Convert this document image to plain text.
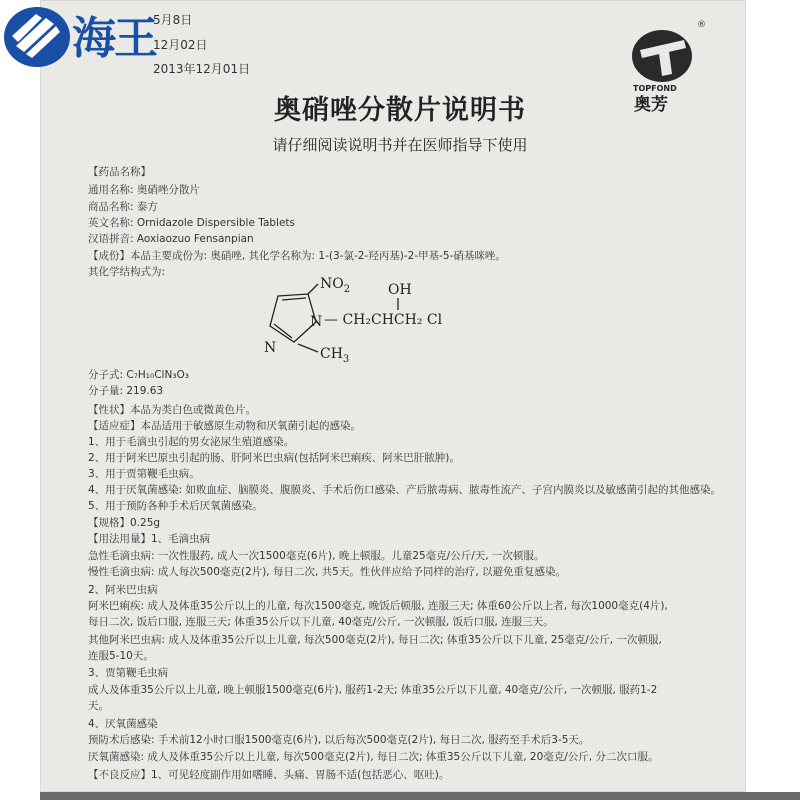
海王
5月8日
12月02日
2013年12月01日
®
TOPFOND
奥芳
奥硝唑分散片说明书
请仔细阅读说明书并在医师指导下使用
【药品名称】
通用名称: 奥硝唑分散片
商品名称: 泰方
英文名称: Ornidazole Dispersible Tablets
汉语拼音: Aoxiaozuo Fensanpian
【成份】本品主要成份为: 奥硝唑, 其化学名称为: 1-(3-氯-2-羟丙基)-2-甲基-5-硝基咪唑。
其化学结构式为:
分子式: C₇H₁₀ClN₃O₃
分子量: 219.63
【性状】本品为类白色或微黄色片。
【适应症】本品适用于敏感原生动物和厌氧菌引起的感染。
1、用于毛滴虫引起的男女泌尿生殖道感染。
2、用于阿米巴原虫引起的肠、肝阿米巴虫病(包括阿米巴痢疾、阿米巴肝脓肿)。
3、用于贾第鞭毛虫病。
4、用于厌氧菌感染: 如败血症、脑膜炎、腹膜炎、手术后伤口感染、产后脓毒病、脓毒性流产、子宫内膜炎以及敏感菌引起的其他感染。
5、用于预防各种手术后厌氧菌感染。
【规格】0.25g
【用法用量】1、毛滴虫病
急性毛滴虫病: 一次性服药, 成人一次1500毫克(6片), 晚上顿服。儿童25毫克/公斤/天, 一次顿服。
慢性毛滴虫病: 成人每次500毫克(2片), 每日二次, 共5天。性伙伴应给予同样的治疗, 以避免重复感染。
2、阿米巴虫病
阿米巴痢疾: 成人及体重35公斤以上的儿童, 每次1500毫克, 晚饭后顿服, 连服三天; 体重60公斤以上者, 每次1000毫克(4片),
每日二次, 饭后口服, 连服三天; 体重35公斤以下儿童, 40毫克/公斤, 一次顿服, 饭后口服, 连服三天。
其他阿米巴虫病: 成人及体重35公斤以上儿童, 每次500毫克(2片), 每日二次; 体重35公斤以下儿童, 25毫克/公斤, 一次顿服,
连服5-10天。
3、贾第鞭毛虫病
成人及体重35公斤以上儿童, 晚上顿服1500毫克(6片), 服药1-2天; 体重35公斤以下儿童, 40毫克/公斤, 一次顿服, 服药1-2
天。
4、厌氧菌感染
预防术后感染: 手术前12小时口服1500毫克(6片), 以后每次500毫克(2片), 每日二次, 服药至手术后3-5天。
厌氧菌感染: 成人及体重35公斤以上儿童, 每次500毫克(2片), 每日二次; 体重35公斤以下儿童, 20毫克/公斤, 分二次口服。
【不良反应】1、可见轻度副作用如嗜睡、头痛、胃肠不适(包括恶心、呕吐)。
$NO_2$
N
N	$CH_3$
— CH₂CHCH₂ Cl
OH
